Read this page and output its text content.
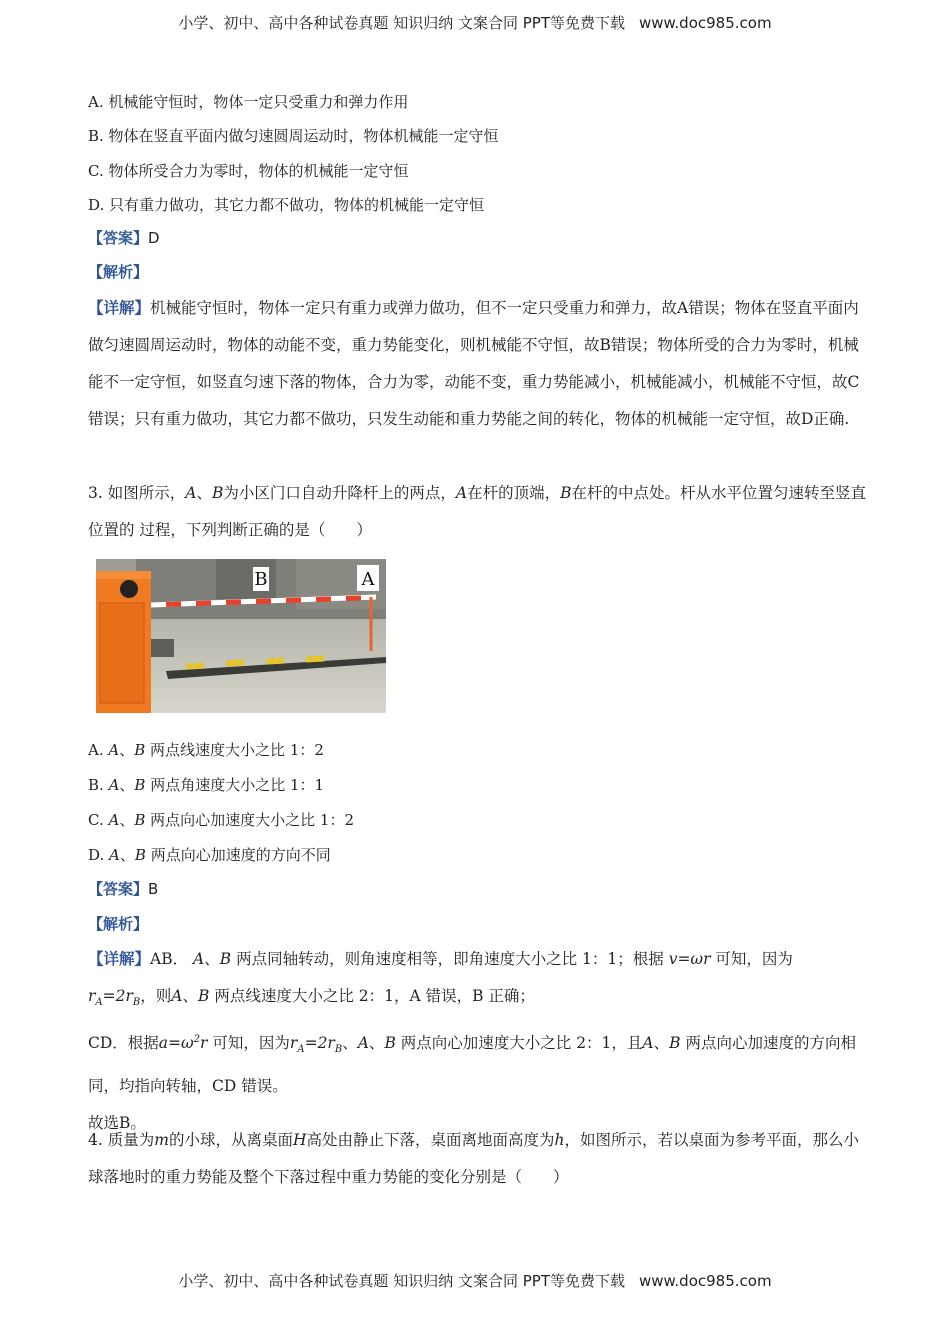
小学、初中、高中各种试卷真题 知识归纳 文案合同 PPT等免费下载 www.doc985.com
A. 机械能守恒时，物体一定只受重力和弹力作用
B. 物体在竖直平面内做匀速圆周运动时，物体机械能一定守恒
C. 物体所受合力为零时，物体的机械能一定守恒
D. 只有重力做功，其它力都不做功，物体的机械能一定守恒
【答案】D
【解析】
【详解】机械能守恒时，物体一定只有重力或弹力做功，但不一定只受重力和弹力，故A错误；物体在竖直平面内做匀速圆周运动时，物体的动能不变，重力势能变化，则机械能不守恒，故B错误；物体所受的合力为零时，机械能不一定守恒，如竖直匀速下落的物体，合力为零，动能不变，重力势能减小，机械能减小，机械能不守恒，故C错误；只有重力做功，其它力都不做功，只发生动能和重力势能之间的转化，物体的机械能一定守恒，故D正确.
3. 如图所示，A、B为小区门口自动升降杆上的两点，A在杆的顶端，B在杆的中点处。杆从水平位置匀速转至竖直位置的 过程，下列判断正确的是（　　）
B	A
A. A、B 两点线速度大小之比 1：2
B. A、B 两点角速度大小之比 1：1
C. A、B 两点向心加速度大小之比 1：2
D. A、B 两点向心加速度的方向不同
【答案】B
【解析】
【详解】AB． A、B 两点同轴转动，则角速度相等，即角速度大小之比 1：1；根据 v=ωr 可知，因为
$r_A=2r_B$，则A、B 两点线速度大小之比 2：1，A 错误，B 正确；
CD．根据$a=\omega^2r$ 可知，因为$r_A=2r_B$、A、B 两点向心加速度大小之比 2：1，且A、B 两点向心加速度的方向相同，均指向转轴，CD 错误。
故选B。
4. 质量为m的小球，从离桌面H高处由静止下落，桌面离地面高度为h，如图所示，若以桌面为参考平面，那么小球落地时的重力势能及整个下落过程中重力势能的变化分别是（　　）
小学、初中、高中各种试卷真题 知识归纳 文案合同 PPT等免费下载 www.doc985.com
